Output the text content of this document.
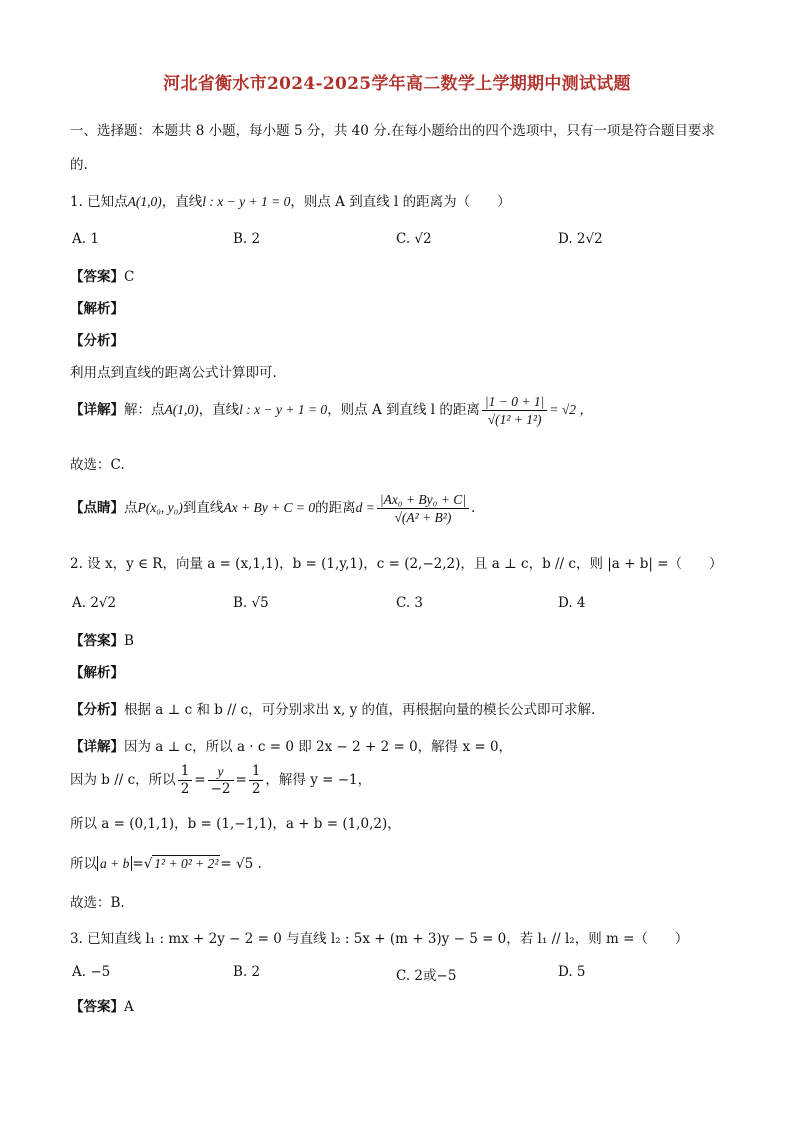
河北省衡水市2024-2025学年高二数学上学期期中测试试题
一、选择题：本题共 8 小题，每小题 5 分，共 40 分.在每小题给出的四个选项中，只有一项是符合题目要求
的.
1. 已知点A(1,0)，直线l : x − y + 1 = 0，则点 A 到直线 l 的距离为（　　）
A. 1	B. 2	C. √2	D. 2√2
【答案】C
【解析】
【分析】
利用点到直线的距离公式计算即可.
【详解】解：点A(1,0)，直线l : x − y + 1 = 0，则点 A 到直线 l 的距离 $\frac{|1 - 0 + 1|}{\text{√(1² + 1²)}} = √2$ ，
故选：C.
【点睛】点P(x₀, y₀)到直线Ax + By + C = 0的距离$d = \frac{\text{|Ax₀ + By₀ + C|}}{\text{√(A² + B²)}}$ .
2. 设 x，y ∈ R，向量 a = (x,1,1)，b = (1,y,1)，c = (2,−2,2)，且 a ⊥ c，b // c，则 |a + b| =（　　）
A. 2√2	B. √5	C. 3	D. 4
【答案】B
【解析】
【分析】根据 a ⊥ c 和 b // c，可分别求出 x, y 的值，再根据向量的模长公式即可求解.
【详解】因为 a ⊥ c，所以 a · c = 0 即 2x − 2 + 2 = 0，解得 x = 0，
因为 b // c，所以 $\frac{1}{2} = \frac{y}{-2} = \frac{1}{2}$ ，解得 y = −1，
所以 a = (0,1,1)，b = (1,−1,1)，a + b = (1,0,2)，
所以 a + b =√ 1² + 0² + 2² = √5 .
故选：B.
3. 已知直线 l₁ : mx + 2y − 2 = 0 与直线 l₂ : 5x + (m + 3)y − 5 = 0，若 l₁ // l₂，则 m =（　　）
A. −5	B. 2	C. 2或−5	D. 5
【答案】A
